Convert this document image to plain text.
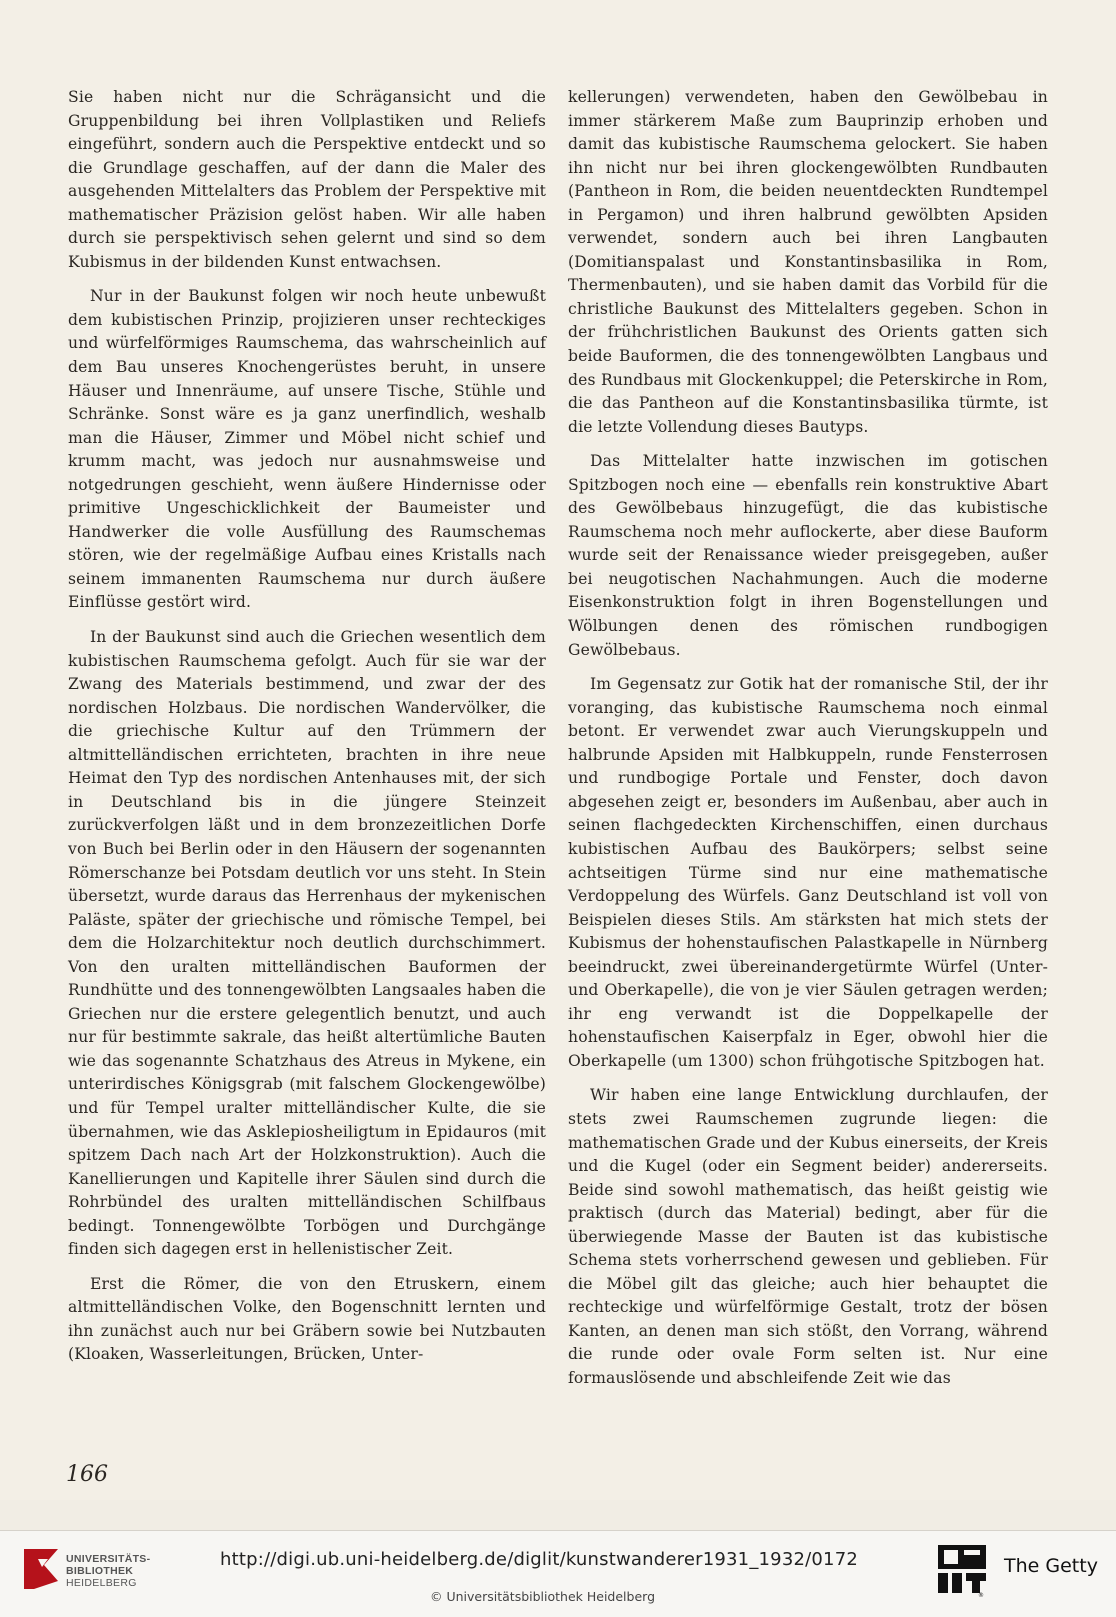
Sie haben nicht nur die Schrägansicht und die Gruppenbildung bei ihren Vollplastiken und Reliefs eingeführt, sondern auch die Perspektive entdeckt und so die Grundlage geschaffen, auf der dann die Maler des ausgehenden Mittelalters das Problem der Perspektive mit mathematischer Präzision gelöst haben. Wir alle haben durch sie perspektivisch sehen gelernt und sind so dem Kubismus in der bildenden Kunst entwachsen.

Nur in der Baukunst folgen wir noch heute unbewußt dem kubistischen Prinzip, projizieren unser rechteckiges und würfelförmiges Raumschema, das wahrscheinlich auf dem Bau unseres Knochengerüstes beruht, in unsere Häuser und Innenräume, auf unsere Tische, Stühle und Schränke. Sonst wäre es ja ganz unerfindlich, weshalb man die Häuser, Zimmer und Möbel nicht schief und krumm macht, was jedoch nur ausnahmsweise und notgedrungen geschieht, wenn äußere Hindernisse oder primitive Ungeschicklichkeit der Baumeister und Handwerker die volle Ausfüllung des Raumschemas stören, wie der regelmäßige Aufbau eines Kristalls nach seinem immanenten Raumschema nur durch äußere Einflüsse gestört wird.

In der Baukunst sind auch die Griechen wesentlich dem kubistischen Raumschema gefolgt. Auch für sie war der Zwang des Materials bestimmend, und zwar der des nordischen Holzbaus. Die nordischen Wandervölker, die die griechische Kultur auf den Trümmern der altmittelländischen errichteten, brachten in ihre neue Heimat den Typ des nordischen Antenhauses mit, der sich in Deutschland bis in die jüngere Steinzeit zurückverfolgen läßt und in dem bronzezeitlichen Dorfe von Buch bei Berlin oder in den Häusern der sogenannten Römerschanze bei Potsdam deutlich vor uns steht. In Stein übersetzt, wurde daraus das Herrenhaus der mykenischen Paläste, später der griechische und römische Tempel, bei dem die Holzarchitektur noch deutlich durchschimmert. Von den uralten mittelländischen Bauformen der Rundhütte und des tonnengewölbten Langsaales haben die Griechen nur die erstere gelegentlich benutzt, und auch nur für bestimmte sakrale, das heißt altertümliche Bauten wie das sogenannte Schatzhaus des Atreus in Mykene, ein unterirdisches Königsgrab (mit falschem Glockengewölbe) und für Tempel uralter mittelländischer Kulte, die sie übernahmen, wie das Asklepiosheiligtum in Epidauros (mit spitzem Dach nach Art der Holzkonstruktion). Auch die Kanellierungen und Kapitelle ihrer Säulen sind durch die Rohrbündel des uralten mittelländischen Schilfbaus bedingt. Tonnengewölbte Torbögen und Durchgänge finden sich dagegen erst in hellenistischer Zeit.

Erst die Römer, die von den Etruskern, einem altmittelländischen Volke, den Bogenschnitt lernten und ihn zunächst auch nur bei Gräbern sowie bei Nutzbauten (Kloaken, Wasserleitungen, Brücken, Unter-

kellerungen) verwendeten, haben den Gewölbebau in immer stärkerem Maße zum Bauprinzip erhoben und damit das kubistische Raumschema gelockert. Sie haben ihn nicht nur bei ihren glockengewölbten Rundbauten (Pantheon in Rom, die beiden neuentdeckten Rundtempel in Pergamon) und ihren halbrund gewölbten Apsiden verwendet, sondern auch bei ihren Langbauten (Domitianspalast und Konstantinsbasilika in Rom, Thermenbauten), und sie haben damit das Vorbild für die christliche Baukunst des Mittelalters gegeben. Schon in der frühchristlichen Baukunst des Orients gatten sich beide Bauformen, die des tonnengewölbten Langbaus und des Rundbaus mit Glockenkuppel; die Peterskirche in Rom, die das Pantheon auf die Konstantinsbasilika türmte, ist die letzte Vollendung dieses Bautyps.

Das Mittelalter hatte inzwischen im gotischen Spitzbogen noch eine — ebenfalls rein konstruktive Abart des Gewölbebaus hinzugefügt, die das kubistische Raumschema noch mehr auflockerte, aber diese Bauform wurde seit der Renaissance wieder preisgegeben, außer bei neugotischen Nachahmungen. Auch die moderne Eisenkonstruktion folgt in ihren Bogenstellungen und Wölbungen denen des römischen rundbogigen Gewölbebaus.

Im Gegensatz zur Gotik hat der romanische Stil, der ihr voranging, das kubistische Raumschema noch einmal betont. Er verwendet zwar auch Vierungskuppeln und halbrunde Apsiden mit Halbkuppeln, runde Fensterrosen und rundbogige Portale und Fenster, doch davon abgesehen zeigt er, besonders im Außenbau, aber auch in seinen flachgedeckten Kirchenschiffen, einen durchaus kubistischen Aufbau des Baukörpers; selbst seine achtseitigen Türme sind nur eine mathematische Verdoppelung des Würfels. Ganz Deutschland ist voll von Beispielen dieses Stils. Am stärksten hat mich stets der Kubismus der hohenstaufischen Palastkapelle in Nürnberg beeindruckt, zwei übereinandergetürmte Würfel (Unter- und Oberkapelle), die von je vier Säulen getragen werden; ihr eng verwandt ist die Doppelkapelle der hohenstaufischen Kaiserpfalz in Eger, obwohl hier die Oberkapelle (um 1300) schon frühgotische Spitzbogen hat.

Wir haben eine lange Entwicklung durchlaufen, der stets zwei Raumschemen zugrunde liegen: die mathematischen Grade und der Kubus einerseits, der Kreis und die Kugel (oder ein Segment beider) andererseits. Beide sind sowohl mathematisch, das heißt geistig wie praktisch (durch das Material) bedingt, aber für die überwiegende Masse der Bauten ist das kubistische Schema stets vorherrschend gewesen und geblieben. Für die Möbel gilt das gleiche; auch hier behauptet die rechteckige und würfelförmige Gestalt, trotz der bösen Kanten, an denen man sich stößt, den Vorrang, während die runde oder ovale Form selten ist. Nur eine formauslösende und abschleifende Zeit wie das

166
UNIVERSITÄTS-
BIBLIOTHEK
HEIDELBERG
http://digi.ub.uni-heidelberg.de/diglit/kunstwanderer1931_1932/0172
© Universitätsbibliothek Heidelberg	®
The Getty
